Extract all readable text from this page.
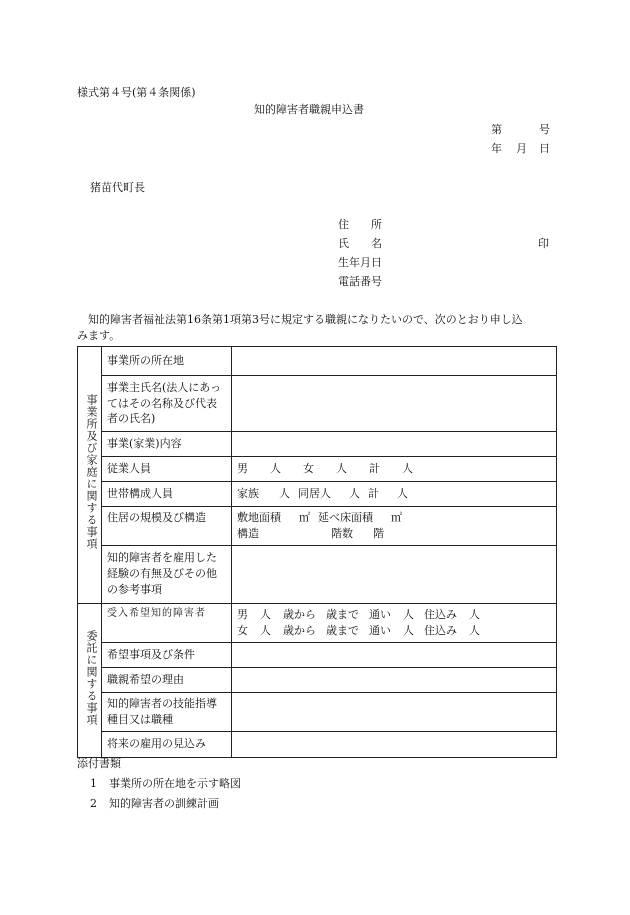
様式第４号(第４条関係)
知的障害者職親申込書
第	号
年 月 日
猪苗代町長
住　　所
氏　　名	印
生年月日
電話番号
知的障害者福祉法第16条第1項第3号に規定する職親になりたいので、次のとおり申し込
みます。
事業所及び家庭に関する事項	事業所の所在地	
	事業主氏名(法人にあってはその名称及び代表者の氏名)	
	事業(家業)内容	
	従業人員	男 人 女 人 計 人
	世帯構成人員	家族 人 同居人 人 計 人
	住居の規模及び構造	敷地面積 ㎡ 延べ床面積 ㎡
構造 階数 階

	知的障害者を雇用した経験の有無及びその他の参考事項	
委託に関する事項	受入希望知的障害者	男 人 歳から 歳まで 通い 人 住込み 人
女 人 歳から 歳まで 通い 人 住込み 人

	希望事項及び条件	
	職親希望の理由	
	知的障害者の技能指導種目又は職種	
	将来の雇用の見込み	
添付書類
1 事業所の所在地を示す略図
2 知的障害者の訓練計画
